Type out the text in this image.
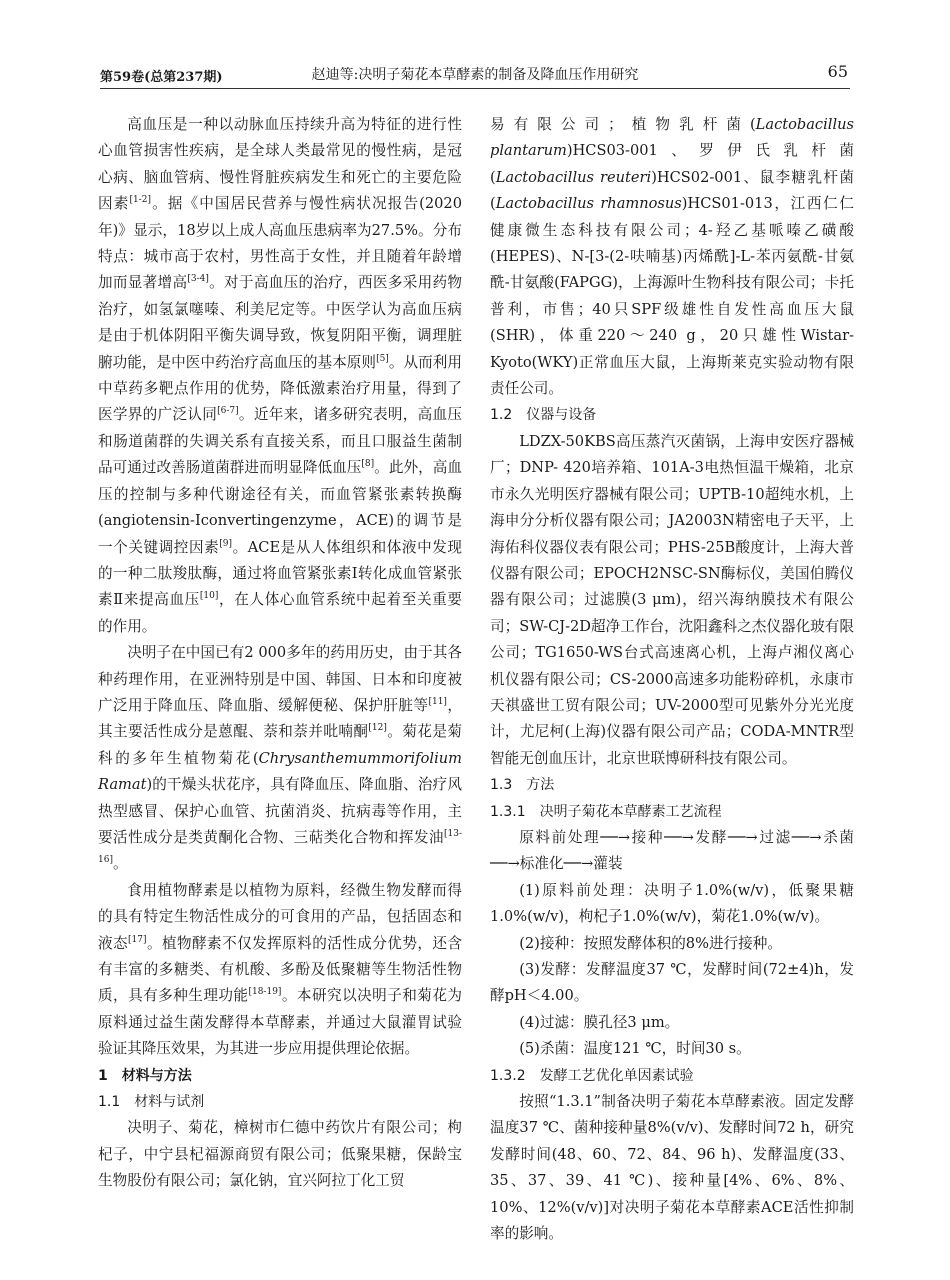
第59卷(总第237期)	赵迪等:决明子菊花本草酵素的制备及降血压作用研究	65

高血压是一种以动脉血压持续升高为特征的进行性心血管损害性疾病，是全球人类最常见的慢性病，是冠心病、脑血管病、慢性肾脏疾病发生和死亡的主要危险因素[1-2]。据《中国居民营养与慢性病状况报告(2020年)》显示，18岁以上成人高血压患病率为27.5%。分布特点：城市高于农村，男性高于女性，并且随着年龄增加而显著增高[3-4]。对于高血压的治疗，西医多采用药物治疗，如氢氯噻嗪、利美尼定等。中医学认为高血压病是由于机体阴阳平衡失调导致，恢复阴阳平衡，调理脏腑功能，是中医中药治疗高血压的基本原则[5]。从而利用中草药多靶点作用的优势，降低激素治疗用量，得到了医学界的广泛认同[6-7]。近年来，诸多研究表明，高血压和肠道菌群的失调关系有直接关系，而且口服益生菌制品可通过改善肠道菌群进而明显降低血压[8]。此外，高血压的控制与多种代谢途径有关，而血管紧张素转换酶(angiotensin-Iconvertingenzyme，ACE)的调节是一个关键调控因素[9]。ACE是从人体组织和体液中发现的一种二肽羧肽酶，通过将血管紧张素Ⅰ转化成血管紧张素Ⅱ来提高血压[10]，在人体心血管系统中起着至关重要的作用。

决明子在中国已有2 000多年的药用历史，由于其各种药理作用，在亚洲特别是中国、韩国、日本和印度被广泛用于降血压、降血脂、缓解便秘、保护肝脏等[11]，其主要活性成分是蒽醌、萘和萘并吡喃酮[12]。菊花是菊科的多年生植物菊花(Chrysanthemummorifolium Ramat)的干燥头状花序，具有降血压、降血脂、治疗风热型感冒、保护心血管、抗菌消炎、抗病毒等作用，主要活性成分是类黄酮化合物、三萜类化合物和挥发油[13-16]。

食用植物酵素是以植物为原料，经微生物发酵而得的具有特定生物活性成分的可食用的产品，包括固态和液态[17]。植物酵素不仅发挥原料的活性成分优势，还含有丰富的多糖类、有机酸、多酚及低聚糖等生物活性物质，具有多种生理功能[18-19]。本研究以决明子和菊花为原料通过益生菌发酵得本草酵素，并通过大鼠灌胃试验验证其降压效果，为其进一步应用提供理论依据。

1　材料与方法
1.1　材料与试剂

决明子、菊花，樟树市仁德中药饮片有限公司；枸杞子，中宁县杞福源商贸有限公司；低聚果糖，保龄宝生物股份有限公司；氯化钠，宜兴阿拉丁化工贸

易有限公司；植物乳杆菌(Lactobacillus plantarum)HCS03-001、罗伊氏乳杆菌(Lactobacillus reuteri)HCS02-001、鼠李糖乳杆菌(Lactobacillus rhamnosus)HCS01-013，江西仁仁健康微生态科技有限公司；4-羟乙基哌嗪乙磺酸(HEPES)、N-[3-(2-呋喃基)丙烯酰]-L-苯丙氨酰-甘氨酰-甘氨酸(FAPGG)，上海源叶生物科技有限公司；卡托普利，市售；40只SPF级雄性自发性高血压大鼠(SHR)，体重220～240 g，20只雄性Wistar-Kyoto(WKY)正常血压大鼠，上海斯莱克实验动物有限责任公司。

1.2　仪器与设备

LDZX-50KBS高压蒸汽灭菌锅，上海申安医疗器械厂；DNP- 420培养箱、101A-3电热恒温干燥箱，北京市永久光明医疗器械有限公司；UPTB-10超纯水机，上海申分分析仪器有限公司；JA2003N精密电子天平，上海佑科仪器仪表有限公司；PHS-25B酸度计，上海大普仪器有限公司；EPOCH2NSC-SN酶标仪，美国伯腾仪器有限公司；过滤膜(3 μm)，绍兴海纳膜技术有限公司；SW-CJ-2D超净工作台，沈阳鑫科之杰仪器化玻有限公司；TG1650-WS台式高速离心机，上海卢湘仪离心机仪器有限公司；CS-2000高速多功能粉碎机，永康市天祺盛世工贸有限公司；UV-2000型可见紫外分光光度计，尤尼柯(上海)仪器有限公司产品；CODA-MNTR型智能无创血压计，北京世联博研科技有限公司。

1.3　方法
1.3.1　决明子菊花本草酵素工艺流程

原料前处理──→接种──→发酵──→过滤──→杀菌──→标准化──→灌装

(1)原料前处理：决明子1.0%(w/v)，低聚果糖1.0%(w/v)，枸杞子1.0%(w/v)，菊花1.0%(w/v)。

(2)接种：按照发酵体积的8%进行接种。

(3)发酵：发酵温度37 ℃，发酵时间(72±4)h，发酵pH＜4.00。

(4)过滤：膜孔径3 μm。

(5)杀菌：温度121 ℃，时间30 s。

1.3.2　发酵工艺优化单因素试验

按照“1.3.1”制备决明子菊花本草酵素液。固定发酵温度37 ℃、菌种接种量8%(v/v)、发酵时间72 h，研究发酵时间(48、60、72、84、96 h)、发酵温度(33、35、37、39、41 ℃)、接种量[4%、6%、8%、10%、12%(v/v)]对决明子菊花本草酵素ACE活性抑制率的影响。
